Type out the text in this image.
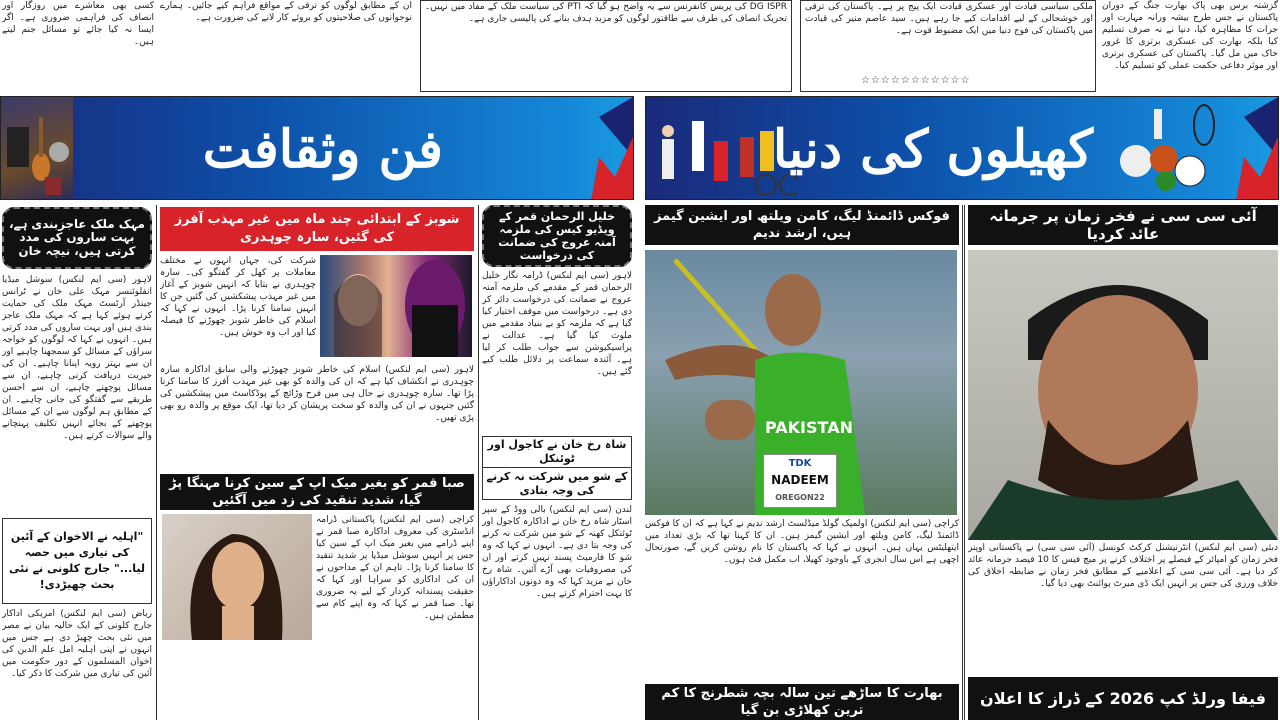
گزشتہ برس بھی پاک بھارت جنگ کے دوران پاکستان نے جس طرح بیشہ ورانہ مہارت اور جرات کا مظاہرہ کیا، دنیا نے نہ صرف تسلیم کیا بلکہ بھارت کی عسکری برتری کا غرور خاک میں مل گیا۔ پاکستان کی عسکری برتری اور موثر دفاعی حکمت عملی کو تسلیم کیا۔
ملکی سیاسی قیادت اور عسکری قیادت ایک پیج پر ہے۔ پاکستان کی ترقی اور خوشحالی کے لیے اقدامات کیے جا رہے ہیں۔ سید عاصم منیر کی قیادت میں پاکستان کی فوج دنیا میں ایک مضبوط قوت ہے۔
☆☆☆☆☆☆☆☆☆☆☆
DG ISPR کی پریس کانفرنس سے یہ واضح ہو گیا کہ PTI کی سیاست ملک کے مفاد میں نہیں۔ تحریک انصاف کی طرف سے طاقتور لوگوں کو مزید ہدف بنانے کی پالیسی جاری ہے۔
ان کے مطابق لوگوں کو ترقی کے مواقع فراہم کیے جائیں۔ ہمارے نوجوانوں کی صلاحیتوں کو بروئے کار لانے کی ضرورت ہے۔
کسی بھی معاشرے میں روزگار اور انصاف کی فراہمی ضروری ہے۔ اگر ایسا نہ کیا جائے تو مسائل جنم لیتے ہیں۔
فن وثقافت	کھیلوں کی دنیا
مہک ملک عاجزبندی ہے، بہت ساروں کی مدد کرتی ہیں، نیچہ خان
لاہور (سی ایم لنکس) سوشل میڈیا انفلوئنسر مہک علی خان نے ٹرانس جینڈر آرٹسٹ مہک ملک کی حمایت کرتے ہوئے کہا ہے کہ مہک ملک عاجز بندی ہیں اور بہت ساروں کی مدد کرتی ہیں۔ انہوں نے کہا کہ لوگوں کو خواجہ سراؤں کے مسائل کو سمجھنا چاہیے اور ان سے بہتر رویہ اپنانا چاہیے۔ ان کی خیریت دریافت کرنی چاہیے، ان سے مسائل پوچھنے چاہیے، ان سے احسن طریقے سے گفتگو کی جانی چاہیے۔ ان کے مطابق ہم لوگوں سے ان کے مسائل پوچھنے کے بجائے انہیں تکلیف پہنچانے والے سوالات کرتے ہیں۔
"اہلیہ نے الاخوان کے آئین کی تیاری میں حصہ لیا..." جارج کلونی نے نئی بحث چھیڑدی!
ریاض (سی ایم لنکس) امریکی اداکار جارج کلونی کے ایک حالیہ بیان نے مصر میں نئی بحث چھیڑ دی ہے جس میں انہوں نے اپنی اہلیہ امل علم الدین کی اخوان المسلمون کے دور حکومت میں آئین کی تیاری میں شرکت کا ذکر کیا۔
شوبز کے ابتدائی چند ماہ میں غیر مہذب آفرز کی گئیں، سارہ چوہدری
شرکت کی، جہاں انہوں نے مختلف معاملات پر کھل کر گفتگو کی۔ سارہ چوہدری نے بتایا کہ انہیں شوبز کے آغاز میں غیر مہذب پیشکشیں کی گئیں جن کا انہیں سامنا کرنا پڑا۔ انہوں نے کہا کہ اسلام کی خاطر شوبز چھوڑنے کا فیصلہ کیا اور اب وہ خوش ہیں۔
لاہور (سی ایم لنکس) اسلام کی خاطر شوبز چھوڑنے والی سابق اداکارہ سارہ چوہدری نے انکشاف کیا ہے کہ ان کی والدہ کو بھی غیر مہذب آفرز کا سامنا کرنا پڑا تھا۔ سارہ چوہدری نے حال ہی میں فرح وڑائچ کے پوڈکاسٹ میں پیشکشیں کی گئیں جنہوں نے ان کی والدہ کو سخت پریشان کر دیا تھا، ایک موقع پر والدہ رو بھی پڑی تھیں۔
صبا قمر کو بغیر میک اپ کے سین کرنا مہنگا پڑ گیا، شدید تنقید کی زد میں آگئیں
کراچی (سی ایم لنکس) پاکستانی ڈرامہ انڈسٹری کی معروف اداکارہ صبا قمر نے اپنے ڈرامے میں بغیر میک اپ کے سین کیا جس پر انہیں سوشل میڈیا پر شدید تنقید کا سامنا کرنا پڑا۔ تاہم ان کے مداحوں نے ان کی اداکاری کو سراہا اور کہا کہ حقیقت پسندانہ کردار کے لیے یہ ضروری تھا۔ صبا قمر نے کہا کہ وہ اپنے کام سے مطمئن ہیں۔
خلیل الرحمان قمر کے ویڈیو کیس کی ملزمہ آمنہ عروج کی ضمانت کی درخواست
لاہور (سی ایم لنکس) ڈرامہ نگار خلیل الرحمان قمر کے مقدمے کی ملزمہ آمنہ عروج نے ضمانت کی درخواست دائر کر دی ہے۔ درخواست میں موقف اختیار کیا گیا ہے کہ ملزمہ کو بے بنیاد مقدمے میں ملوث کیا گیا ہے۔ عدالت نے پراسیکیوشن سے جواب طلب کر لیا ہے۔ آئندہ سماعت پر دلائل طلب کیے گئے ہیں۔
شاہ رخ خان نے کاجول اور ٹوئنکل
کے شو میں شرکت نہ کرنے کی وجہ بتادی
لندن (سی ایم لنکس) بالی ووڈ کے سپر اسٹار شاہ رخ خان نے اداکارہ کاجول اور ٹوئنکل کھنہ کے شو میں شرکت نہ کرنے کی وجہ بتا دی ہے۔ انہوں نے کہا کہ وہ شو کا فارمیٹ پسند نہیں کرتے اور ان کی مصروفیات بھی آڑے آئیں۔ شاہ رخ خان نے مزید کہا کہ وہ دونوں اداکاراؤں کا بہت احترام کرتے ہیں۔
فوکس ڈائمنڈ لیگ، کامن ویلتھ اور ایشین گیمز ہیں، ارشد ندیم
PAKISTAN
TDK
NADEEM
OREGON22
کراچی (سی ایم لنکس) اولمپک گولڈ میڈلسٹ ارشد ندیم نے کہا ہے کہ ان کا فوکس ڈائمنڈ لیگ، کامن ویلتھ اور ایشین گیمز ہیں۔ ان کا کہنا تھا کہ بڑی تعداد میں ایتھلیٹس یہاں ہیں۔ انہوں نے کہا کہ پاکستان کا نام روشن کریں گے، صورتحال اچھی ہے اس سال انجری کے باوجود کھیلا، اب مکمل فٹ ہوں۔
بھارت کا ساڑھے تین سالہ بچہ شطرنج کا کم ترین کھلاڑی بن گیا
آئی سی سی نے فخر زمان پر جرمانہ عائد کردیا
دبئی (سی ایم لنکس) انٹرنیشنل کرکٹ کونسل (آئی سی سی) نے پاکستانی اوپنر فخر زمان کو امپائر کے فیصلے پر اختلاف کرنے پر میچ فیس کا 10 فیصد جرمانہ عائد کر دیا ہے۔ آئی سی سی کے اعلامیے کے مطابق فخر زمان نے ضابطہ اخلاق کی خلاف ورزی کی جس پر انہیں ایک ڈی میرٹ پوائنٹ بھی دیا گیا۔
فیفا ورلڈ کپ 2026 کے ڈراز کا اعلان
